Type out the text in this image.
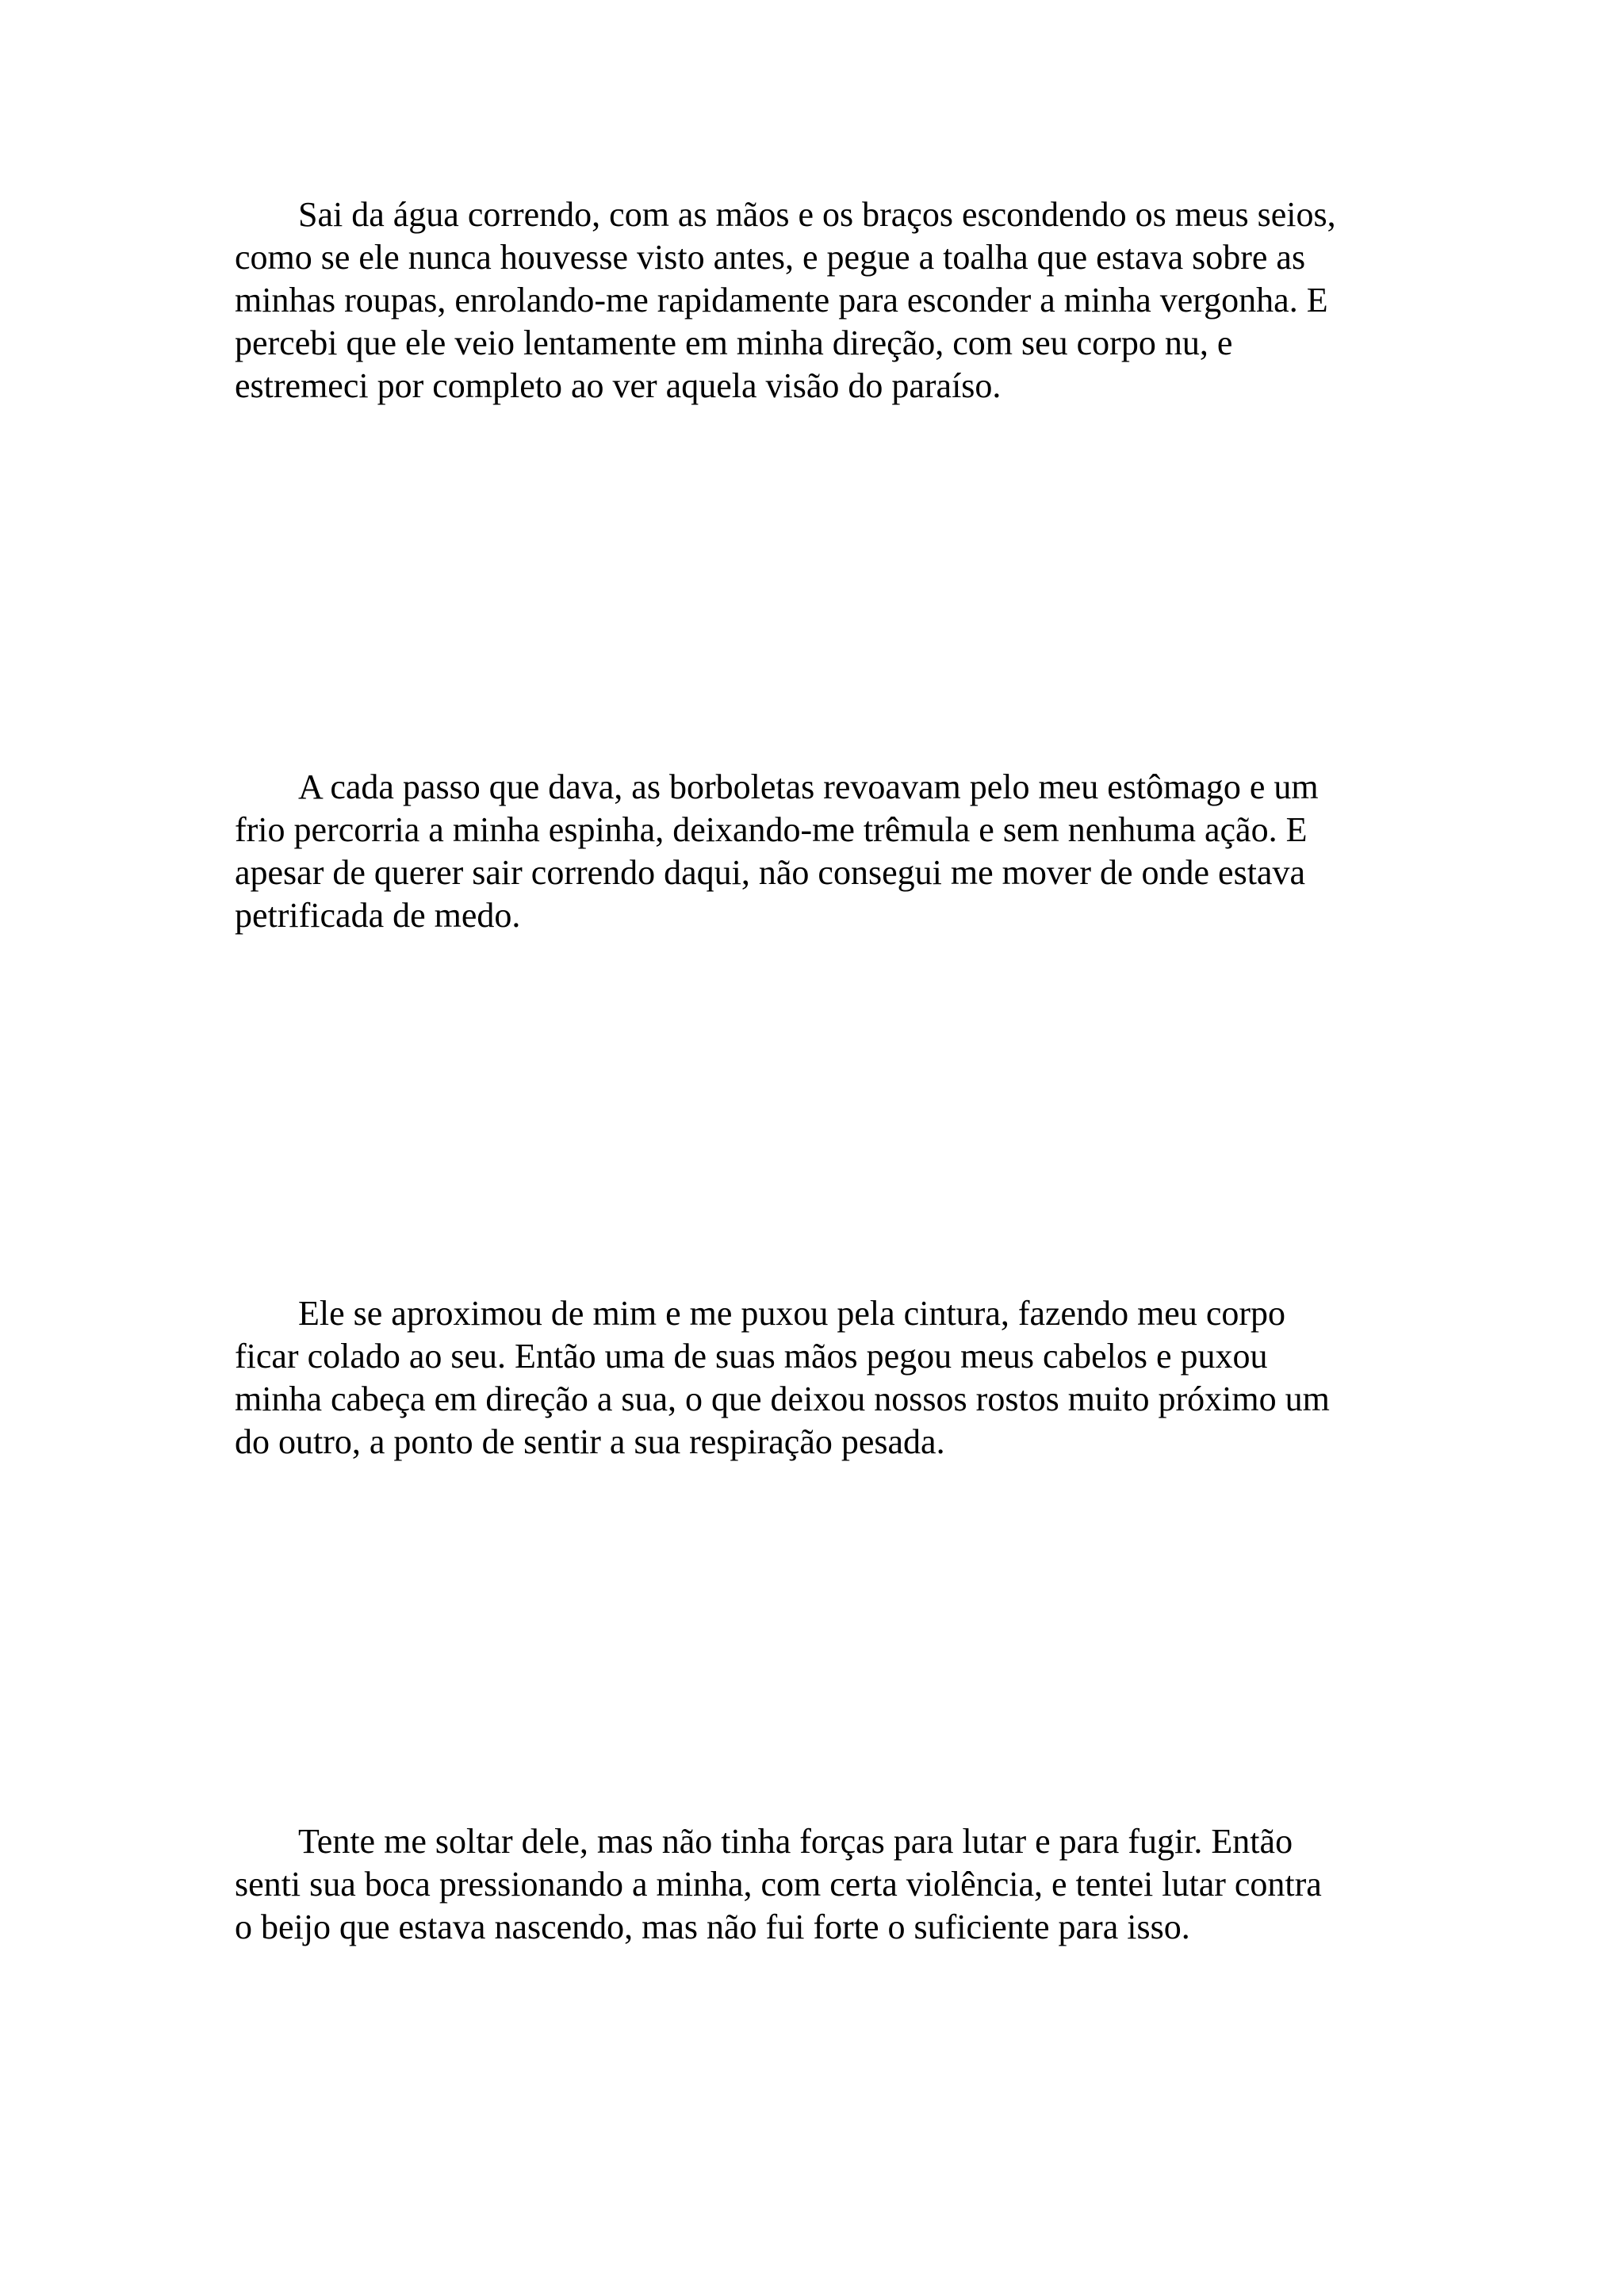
Sai da água correndo, com as mãos e os braços escondendo os meus seios,
como se ele nunca houvesse visto antes, e pegue a toalha que estava sobre as
minhas roupas, enrolando-me rapidamente para esconder a minha vergonha. E
percebi que ele veio lentamente em minha direção, com seu corpo nu, e
estremeci por completo ao ver aquela visão do paraíso.

A cada passo que dava, as borboletas revoavam pelo meu estômago e um
frio percorria a minha espinha, deixando-me trêmula e sem nenhuma ação. E
apesar de querer sair correndo daqui, não consegui me mover de onde estava
petrificada de medo.

Ele se aproximou de mim e me puxou pela cintura, fazendo meu corpo
ficar colado ao seu. Então uma de suas mãos pegou meus cabelos e puxou
minha cabeça em direção a sua, o que deixou nossos rostos muito próximo um
do outro, a ponto de sentir a sua respiração pesada.

Tente me soltar dele, mas não tinha forças para lutar e para fugir. Então
senti sua boca pressionando a minha, com certa violência, e tentei lutar contra
o beijo que estava nascendo, mas não fui forte o suficiente para isso.
